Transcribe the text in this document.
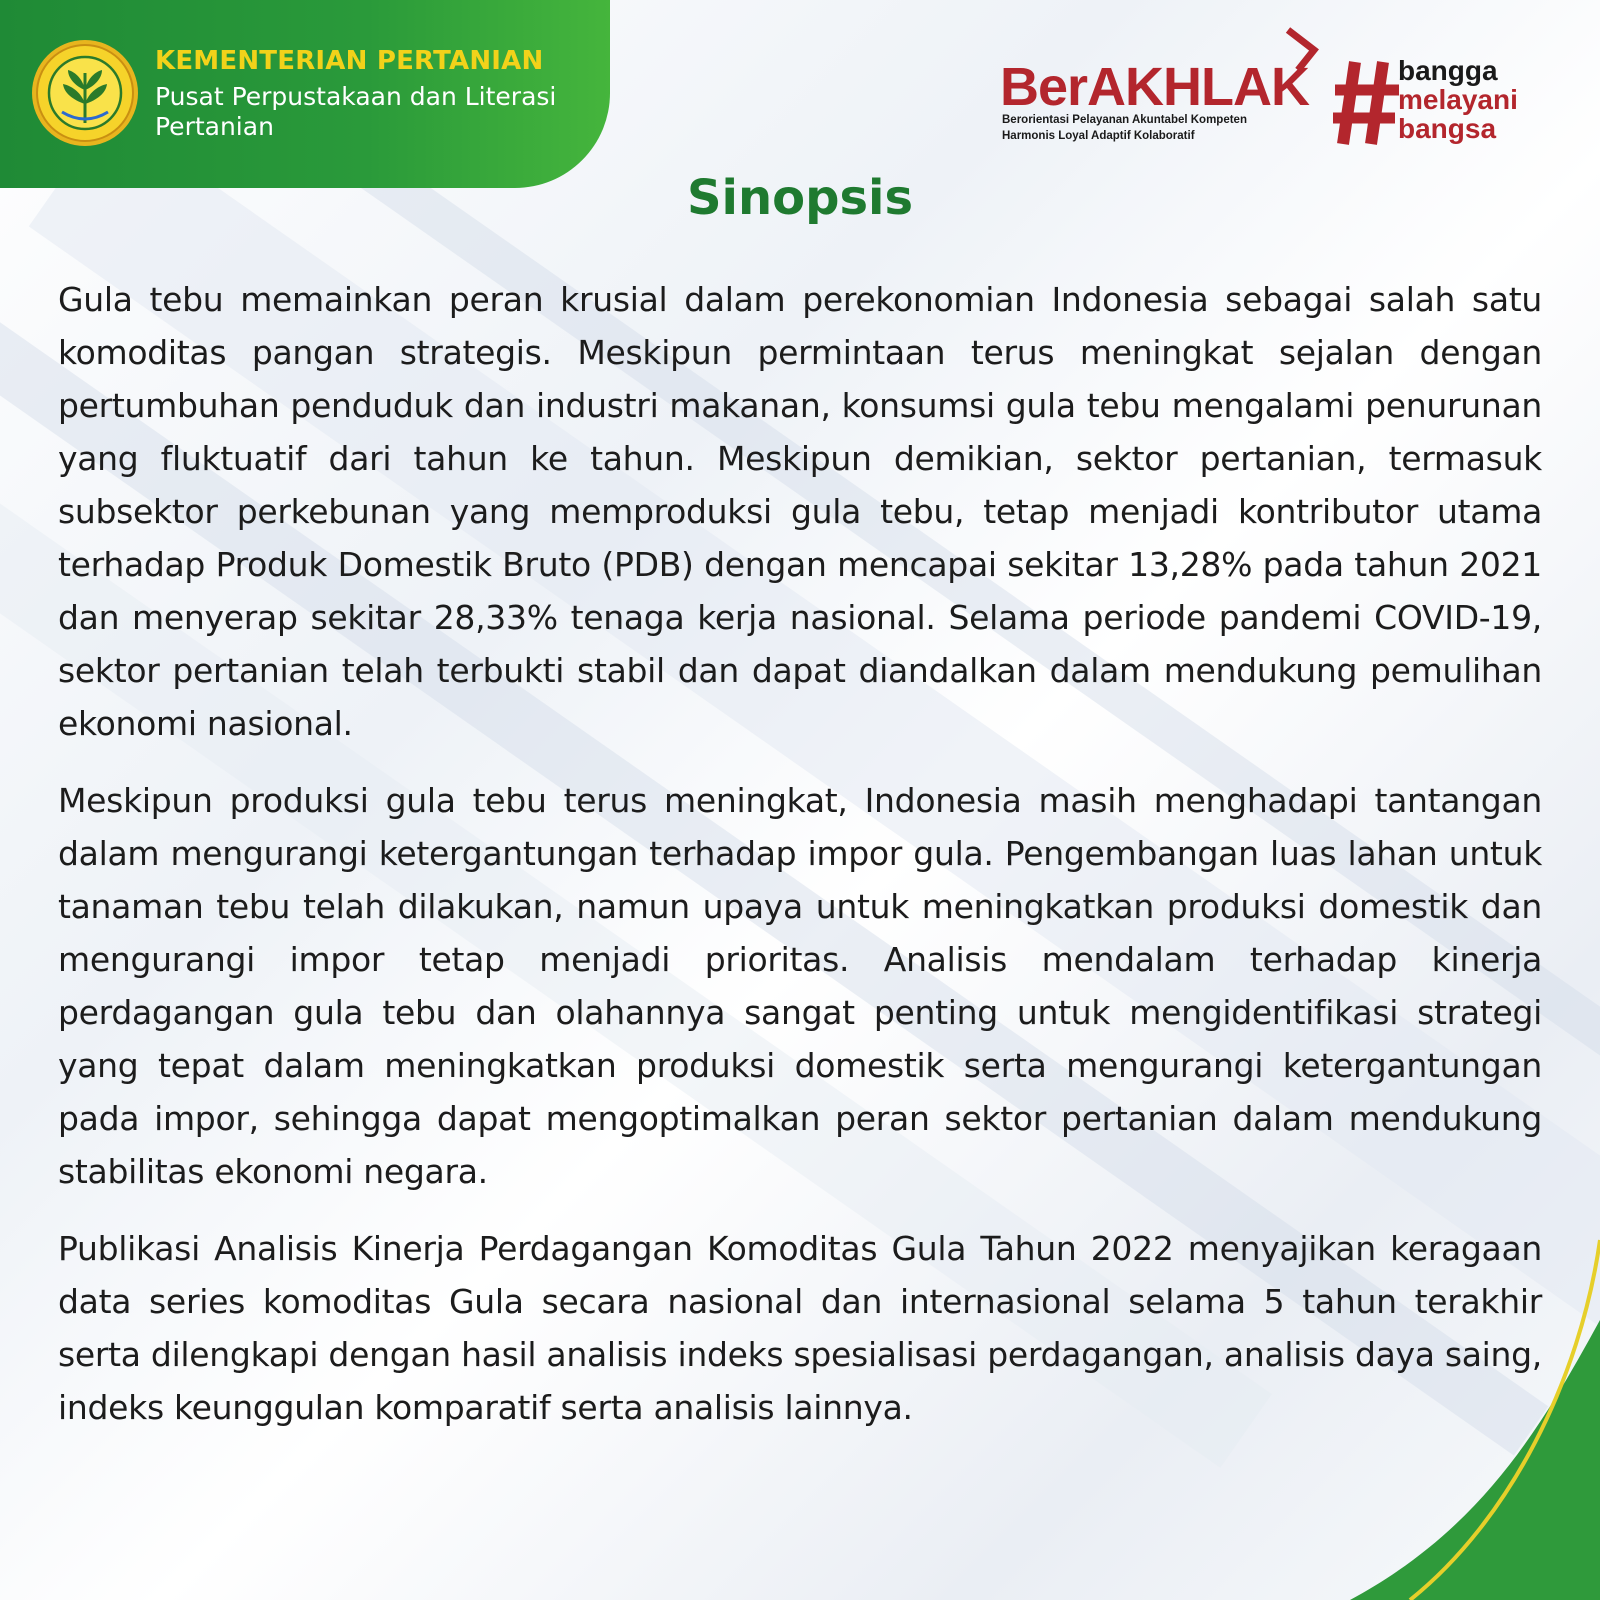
KEMENTERIAN PERTANIAN
Pusat Perpustakaan dan Literasi Pertanian
BerAKHLAK
Berorientasi Pelayanan Akuntabel Kompeten
Harmonis Loyal Adaptif Kolaboratif
bangga
melayani
bangsa
Sinopsis

Gula tebu memainkan peran krusial dalam perekonomian Indonesia sebagai salah satu komoditas pangan strategis. Meskipun permintaan terus meningkat sejalan dengan pertumbuhan penduduk dan industri makanan, konsumsi gula tebu mengalami penurunan yang fluktuatif dari tahun ke tahun. Meskipun demikian, sektor pertanian, termasuk subsektor perkebunan yang memproduksi gula tebu, tetap menjadi kontributor utama terhadap Produk Domestik Bruto (PDB) dengan mencapai sekitar 13,28% pada tahun 2021 dan menyerap sekitar 28,33% tenaga kerja nasional. Selama periode pandemi COVID-19, sektor pertanian telah terbukti stabil dan dapat diandalkan dalam mendukung pemulihan ekonomi nasional.

Meskipun produksi gula tebu terus meningkat, Indonesia masih menghadapi tantangan dalam mengurangi ketergantungan terhadap impor gula. Pengembangan luas lahan untuk tanaman tebu telah dilakukan, namun upaya untuk meningkatkan produksi domestik dan mengurangi impor tetap menjadi prioritas. Analisis mendalam terhadap kinerja perdagangan gula tebu dan olahannya sangat penting untuk mengidentifikasi strategi yang tepat dalam meningkatkan produksi domestik serta mengurangi ketergantungan pada impor, sehingga dapat mengoptimalkan peran sektor pertanian dalam mendukung stabilitas ekonomi negara.

Publikasi Analisis Kinerja Perdagangan Komoditas Gula Tahun 2022 menyajikan keragaan data series komoditas Gula secara nasional dan internasional selama 5 tahun terakhir serta dilengkapi dengan hasil analisis indeks spesialisasi perdagangan, analisis daya saing, indeks keunggulan komparatif serta analisis lainnya.
